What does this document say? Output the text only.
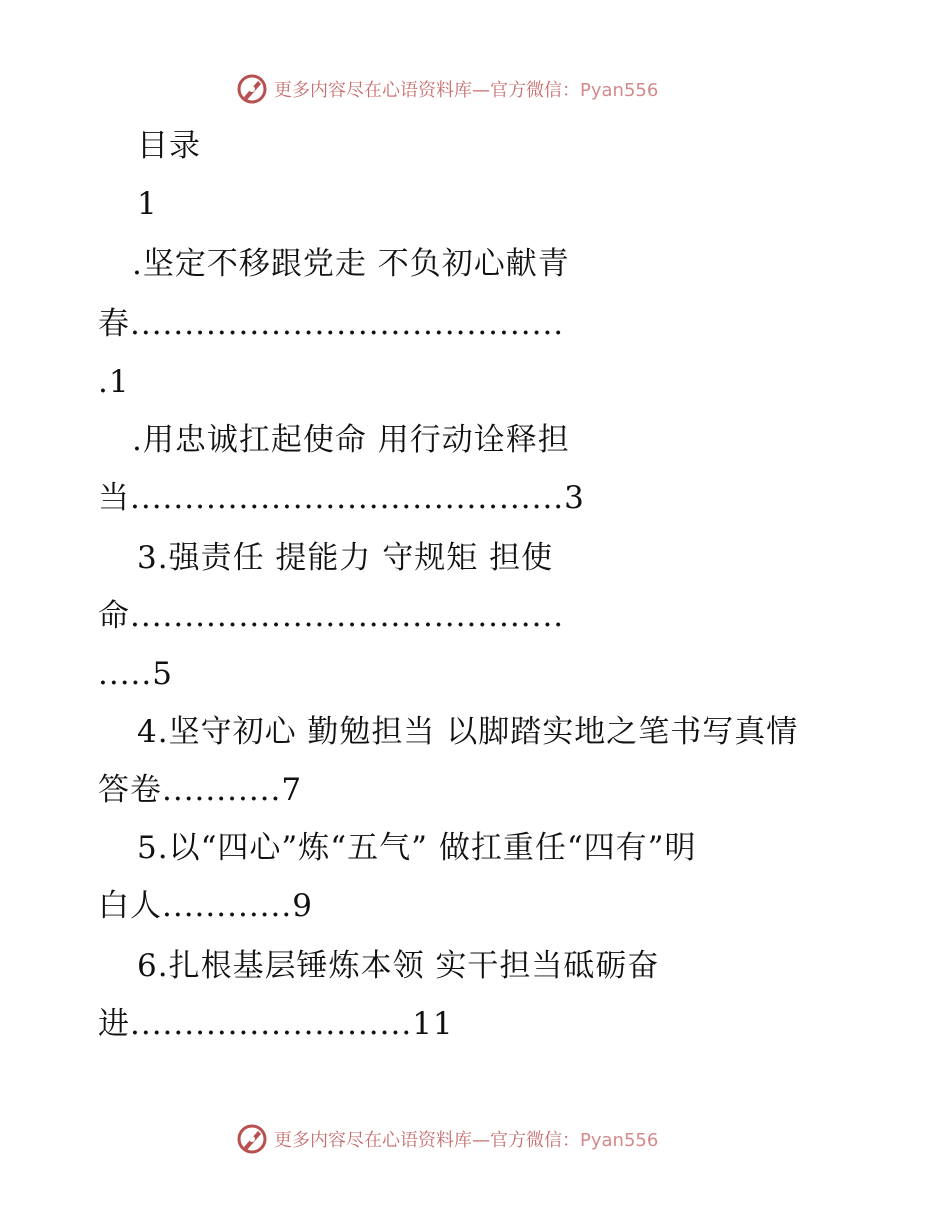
更多内容尽在心语资料库—官方微信：Pyan556
目录
1
.坚定不移跟党走 不负初心献青
春........................................
.1
.用忠诚扛起使命 用行动诠释担
当........................................3
3.强责任 提能力 守规矩 担使
命........................................
.....5
4.坚守初心 勤勉担当 以脚踏实地之笔书写真情
答卷...........7
5.以“四心”炼“五气” 做扛重任“四有”明
白人............9
6.扎根基层锤炼本领 实干担当砥砺奋
进..........................11
更多内容尽在心语资料库—官方微信：Pyan556
